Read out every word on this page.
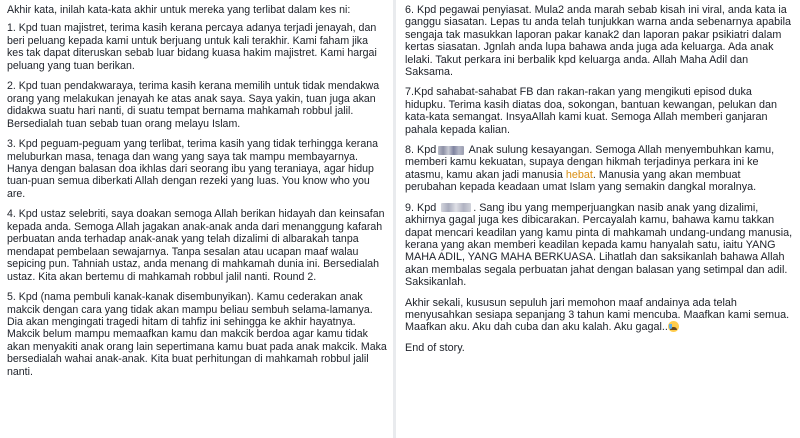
Akhir kata, inilah kata-kata akhir untuk mereka yang terlibat dalam kes ni:

1. Kpd tuan majistret, terima kasih kerana percaya adanya terjadi jenayah, dan beri peluang kepada kami untuk berjuang untuk kali terakhir. Kami faham jika kes tak dapat diteruskan sebab luar bidang kuasa hakim majistret. Kami hargai peluang yang tuan berikan.

2. Kpd tuan pendakwaraya, terima kasih kerana memilih untuk tidak mendakwa orang yang melakukan jenayah ke atas anak saya. Saya yakin, tuan juga akan didakwa suatu hari nanti, di suatu tempat bernama mahkamah robbul jalil. Bersedialah tuan sebab tuan orang melayu Islam.

3. Kpd peguam-peguam yang terlibat, terima kasih yang tidak terhingga kerana meluburkan masa, tenaga dan wang yang saya tak mampu membayarnya. Hanya dengan balasan doa ikhlas dari seorang ibu yang teraniaya, agar hidup tuan-puan semua diberkati Allah dengan rezeki yang luas. You know who you are.

4. Kpd ustaz selebriti, saya doakan semoga Allah berikan hidayah dan keinsafan kepada anda. Semoga Allah jagakan anak-anak anda dari menanggung kafarah perbuatan anda terhadap anak-anak yang telah dizalimi di albarakah tanpa mendapat pembelaan sewajarnya. Tanpa sesalan atau ucapan maaf walau sepicing pun. Tahniah ustaz, anda menang di mahkamah dunia ini. Bersedialah ustaz. Kita akan bertemu di mahkamah robbul jalil nanti. Round 2.

5. Kpd (nama pembuli kanak-kanak disembunyikan). Kamu cederakan anak makcik dengan cara yang tidak akan mampu beliau sembuh selama-lamanya. Dia akan mengingati tragedi hitam di tahfiz ini sehingga ke akhir hayatnya. Makcik belum mampu memaafkan kamu dan makcik berdoa agar kamu tidak akan menyakiti anak orang lain sepertimana kamu buat pada anak makcik. Maka bersedialah wahai anak-anak. Kita buat perhitungan di mahkamah robbul jalil nanti.

6. Kpd pegawai penyiasat. Mula2 anda marah sebab kisah ini viral, anda kata ia ganggu siasatan. Lepas tu anda telah tunjukkan warna anda sebenarnya apabila sengaja tak masukkan laporan pakar kanak2 dan laporan pakar psikiatri dalam kertas siasatan. Jgnlah anda lupa bahawa anda juga ada keluarga. Ada anak lelaki. Takut perkara ini berbalik kpd keluarga anda. Allah Maha Adil dan Saksama.

7.Kpd sahabat-sahabat FB dan rakan-rakan yang mengikuti episod duka hidupku. Terima kasih diatas doa, sokongan, bantuan kewangan, pelukan dan kata-kata semangat. InsyaAllah kami kuat. Semoga Allah memberi ganjaran pahala kepada kalian.

8. Kpd	Anak sulung kesayangan. Semoga Allah menyembuhkan kamu, memberi kamu kekuatan, supaya dengan hikmah terjadinya perkara ini ke atasmu, kamu akan jadi manusia hebat. Manusia yang akan membuat perubahan kepada keadaan umat Islam yang semakin dangkal moralnya.

9. Kpd	. Sang ibu yang memperjuangkan nasib anak yang dizalimi, akhirnya gagal juga kes dibicarakan. Percayalah kamu, bahawa kamu takkan dapat mencari keadilan yang kamu pinta di mahkamah undang-undang manusia, kerana yang akan memberi keadilan kepada kamu hanyalah satu, iaitu YANG MAHA ADIL, YANG MAHA BERKUASA. Lihatlah dan saksikanlah bahawa Allah akan membalas segala perbuatan jahat dengan balasan yang setimpal dan adil. Saksikanlah.

Akhir sekali, kususun sepuluh jari memohon maaf andainya ada telah menyusahkan sesiapa sepanjang 3 tahun kami mencuba. Maafkan kami semua. Maafkan aku. Aku dah cuba dan aku kalah. Aku gagal..

End of story.
